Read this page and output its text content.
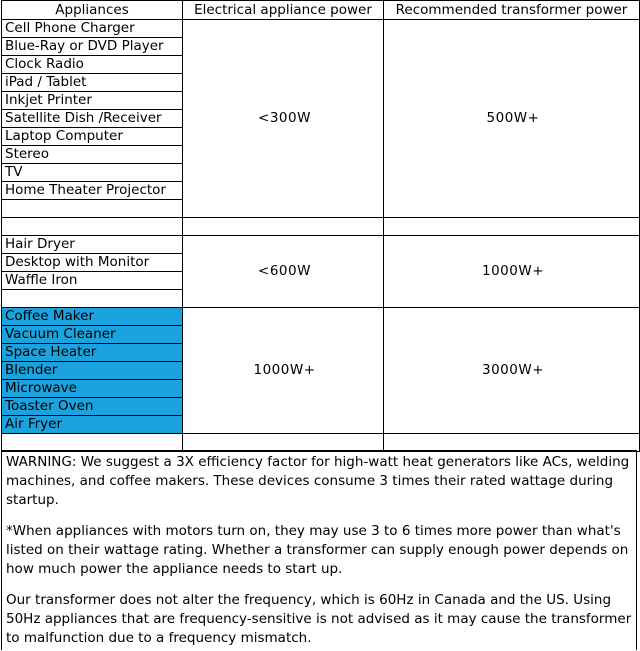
Appliances	Electrical appliance power	Recommended transformer power
Cell Phone Charger	<300W	500W+
Blue-Ray or DVD Player		
Clock Radio		
iPad / Tablet		
Inkjet Printer		
Satellite Dish /Receiver		
Laptop Computer		
Stereo		
TV		
Home Theater Projector		

Hair Dryer	<600W	1000W+
Desktop with Monitor		
Waffle Iron		

Coffee Maker	1000W+	3000W+
Vacuum Cleaner		
Space Heater		
Blender		
Microwave		
Toaster Oven		
Air Fryer		

WARNING: We suggest a 3X efficiency factor for high-watt heat generators like ACs, welding machines, and coffee makers. These devices consume 3 times their rated wattage during startup.

*When appliances with motors turn on, they may use 3 to 6 times more power than what's listed on their wattage rating. Whether a transformer can supply enough power depends on how much power the appliance needs to start up.

Our transformer does not alter the frequency, which is 60Hz in Canada and the US. Using 50Hz appliances that are frequency-sensitive is not advised as it may cause the transformer to malfunction due to a frequency mismatch.
